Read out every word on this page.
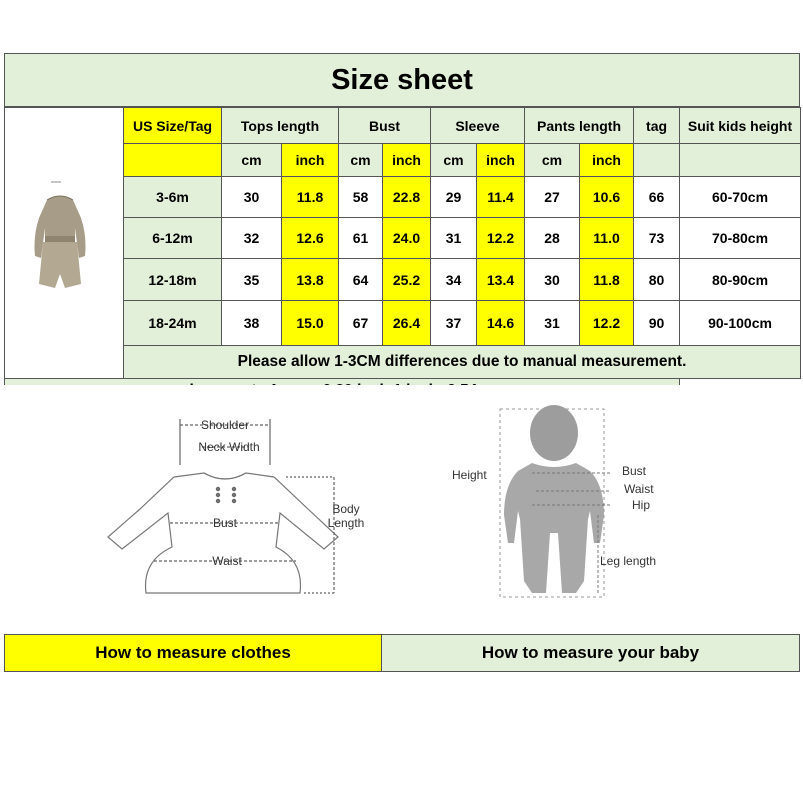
Size sheet
	US Size/Tag	Tops length		Bust		Sleeve		Pants length		tag	Suit kids height
		cm	inch	cm	inch	cm	inch	cm	inch		
	3-6m	30	11.8	58	22.8	29	11.4	27	10.6	66	60-70cm
	6-12m	32	12.6	61	24.0	31	12.2	28	11.0	73	70-80cm
	12-18m	35	13.8	64	25.2	34	13.4	30	11.8	80	80-90cm
	18-24m	38	15.0	67	26.4	37	14.6	31	12.2	90	90-100cm
	Please allow 1-3CM differences due to manual measurement.										

Shoulder
Neck Width
Bust
Waist
Body
Length
Height	Bust
Waist
Hip
Leg length
How to measure clothes	How to measure your baby
